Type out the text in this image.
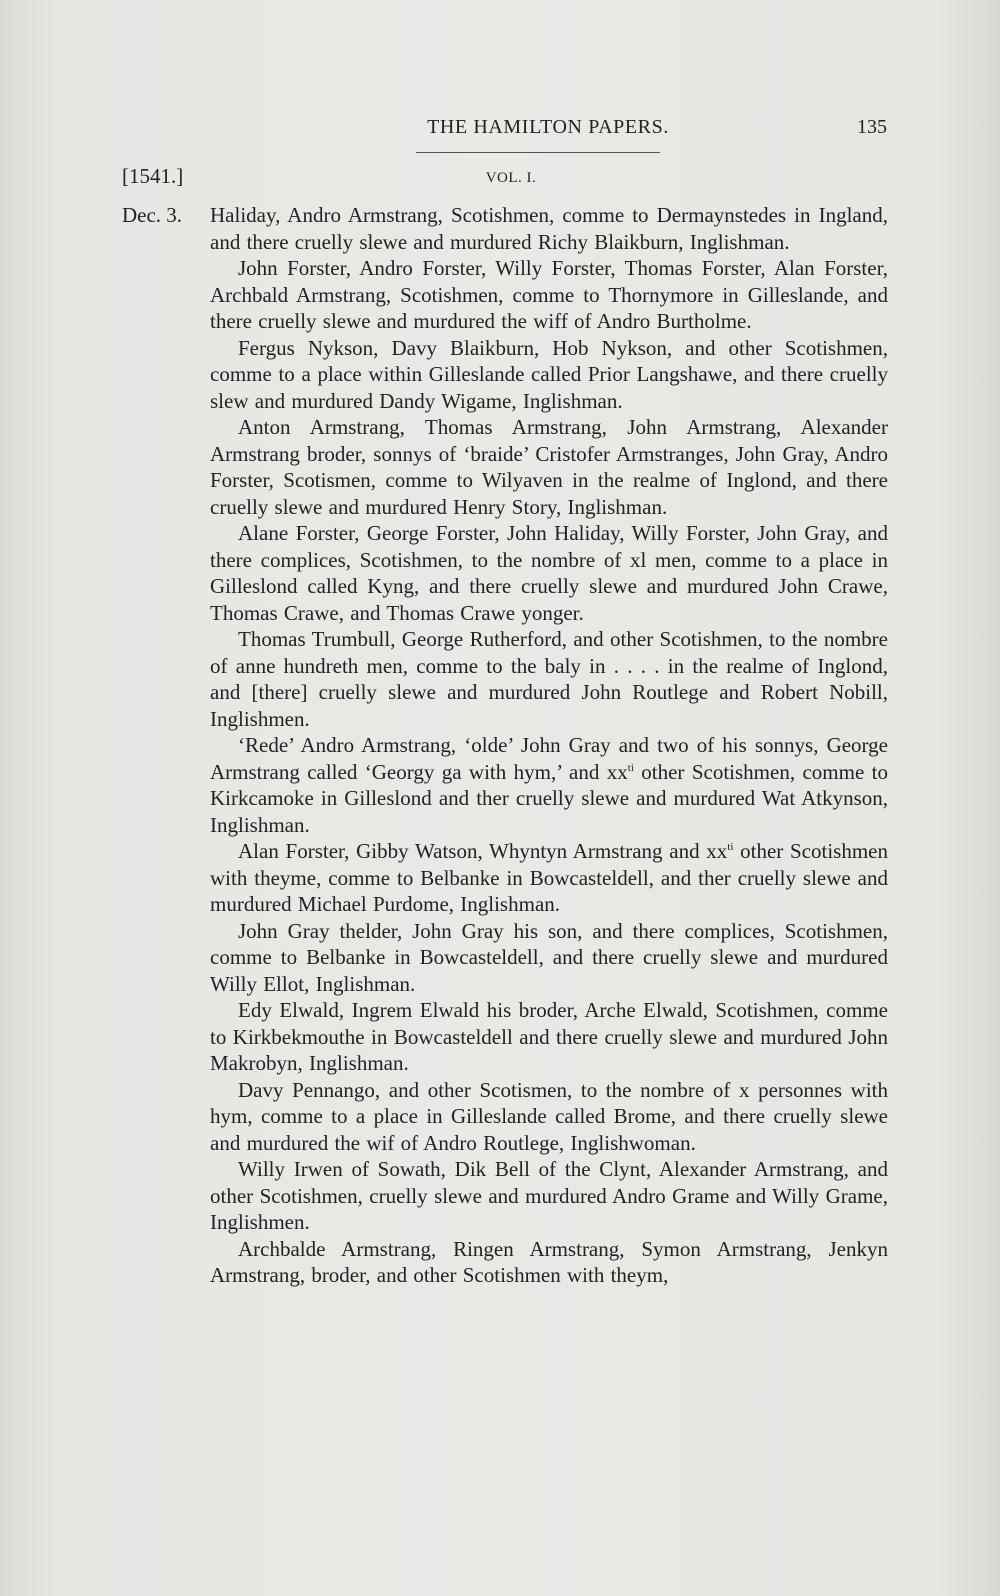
THE HAMILTON PAPERS.	135
[1541.]	VOL. I.
Dec. 3. Haliday, Andro Armstrang, Scotishmen, comme to Dermaynstedes in Ingland, and there cruelly slewe and murdured Richy Blaikburn, Inglishman.

John Forster, Andro Forster, Willy Forster, Thomas Forster, Alan Forster, Archbald Armstrang, Scotishmen, comme to Thornymore in Gilleslande, and there cruelly slewe and murdured the wiff of Andro Burtholme.

Fergus Nykson, Davy Blaikburn, Hob Nykson, and other Scotishmen, comme to a place within Gilleslande called Prior Langshawe, and there cruelly slew and murdured Dandy Wigame, Inglishman.

Anton Armstrang, Thomas Armstrang, John Armstrang, Alexander Armstrang broder, sonnys of ‘braide’ Cristofer Armstranges, John Gray, Andro Forster, Scotismen, comme to Wilyaven in the realme of Inglond, and there cruelly slewe and murdured Henry Story, Inglishman.

Alane Forster, George Forster, John Haliday, Willy Forster, John Gray, and there complices, Scotishmen, to the nombre of xl men, comme to a place in Gilleslond called Kyng, and there cruelly slewe and murdured John Crawe, Thomas Crawe, and Thomas Crawe yonger.

Thomas Trumbull, George Rutherford, and other Scotishmen, to the nombre of anne hundreth men, comme to the baly in . . . . in the realme of Inglond, and [there] cruelly slewe and murdured John Routlege and Robert Nobill, Inglishmen.

‘Rede’ Andro Armstrang, ‘olde’ John Gray and two of his sonnys, George Armstrang called ‘Georgy ga with hym,’ and $xx^{ti}$ other Scotishmen, comme to Kirkcamoke in Gilleslond and ther cruelly slewe and murdured Wat Atkynson, Inglishman.

Alan Forster, Gibby Watson, Whyntyn Armstrang and $xx^{ti}$ other Scotishmen with theyme, comme to Belbanke in Bowcasteldell, and ther cruelly slewe and murdured Michael Purdome, Inglishman.

John Gray thelder, John Gray his son, and there complices, Scotishmen, comme to Belbanke in Bowcasteldell, and there cruelly slewe and murdured Willy Ellot, Inglishman.

Edy Elwald, Ingrem Elwald his broder, Arche Elwald, Scotishmen, comme to Kirkbekmouthe in Bowcasteldell and there cruelly slewe and murdured John Makrobyn, Inglishman.

Davy Pennango, and other Scotismen, to the nombre of x personnes with hym, comme to a place in Gilleslande called Brome, and there cruelly slewe and murdured the wif of Andro Routlege, Inglishwoman.

Willy Irwen of Sowath, Dik Bell of the Clynt, Alexander Armstrang, and other Scotishmen, cruelly slewe and murdured Andro Grame and Willy Grame, Inglishmen.

Archbalde Armstrang, Ringen Armstrang, Symon Armstrang, Jenkyn Armstrang, broder, and other Scotishmen with theym,
